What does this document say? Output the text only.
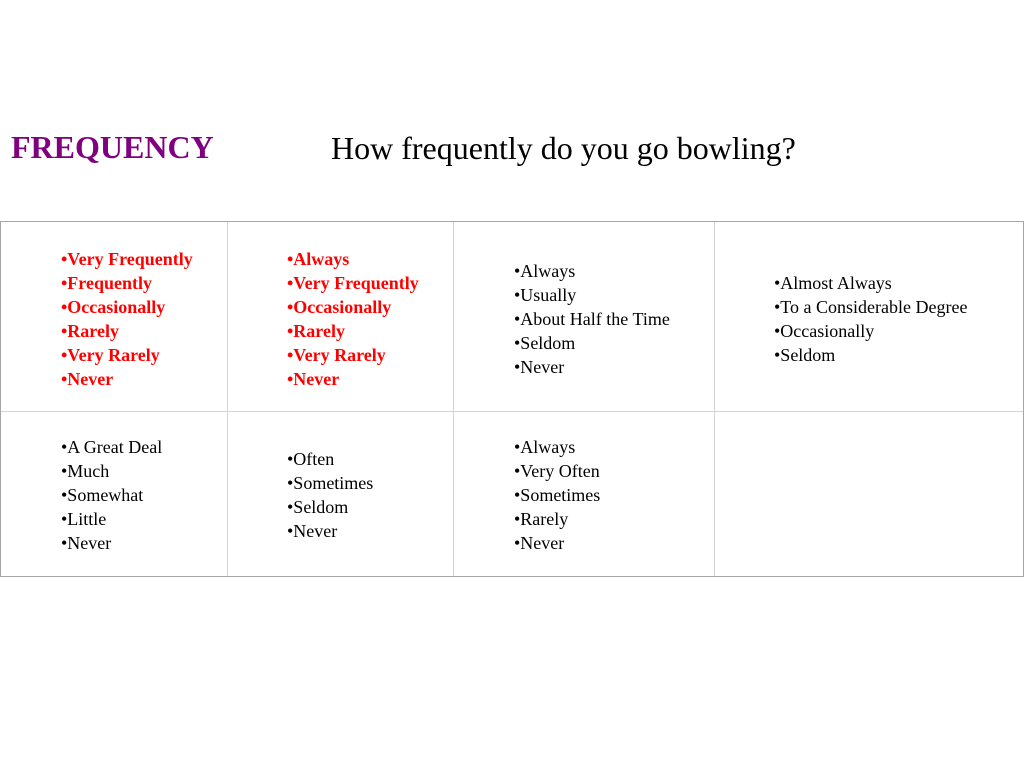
FREQUENCY	How frequently do you go bowling?
•Very Frequently
•Frequently
•Occasionally
•Rarely
•Very Rarely
•Never
•Always
•Very Frequently
•Occasionally
•Rarely
•Very Rarely
•Never
•Always
•Usually
•About Half the Time
•Seldom
•Never
•Almost Always
•To a Considerable Degree
•Occasionally
•Seldom
•A Great Deal
•Much
•Somewhat
•Little
•Never
•Often
•Sometimes
•Seldom
•Never
•Always
•Very Often
•Sometimes
•Rarely
•Never
